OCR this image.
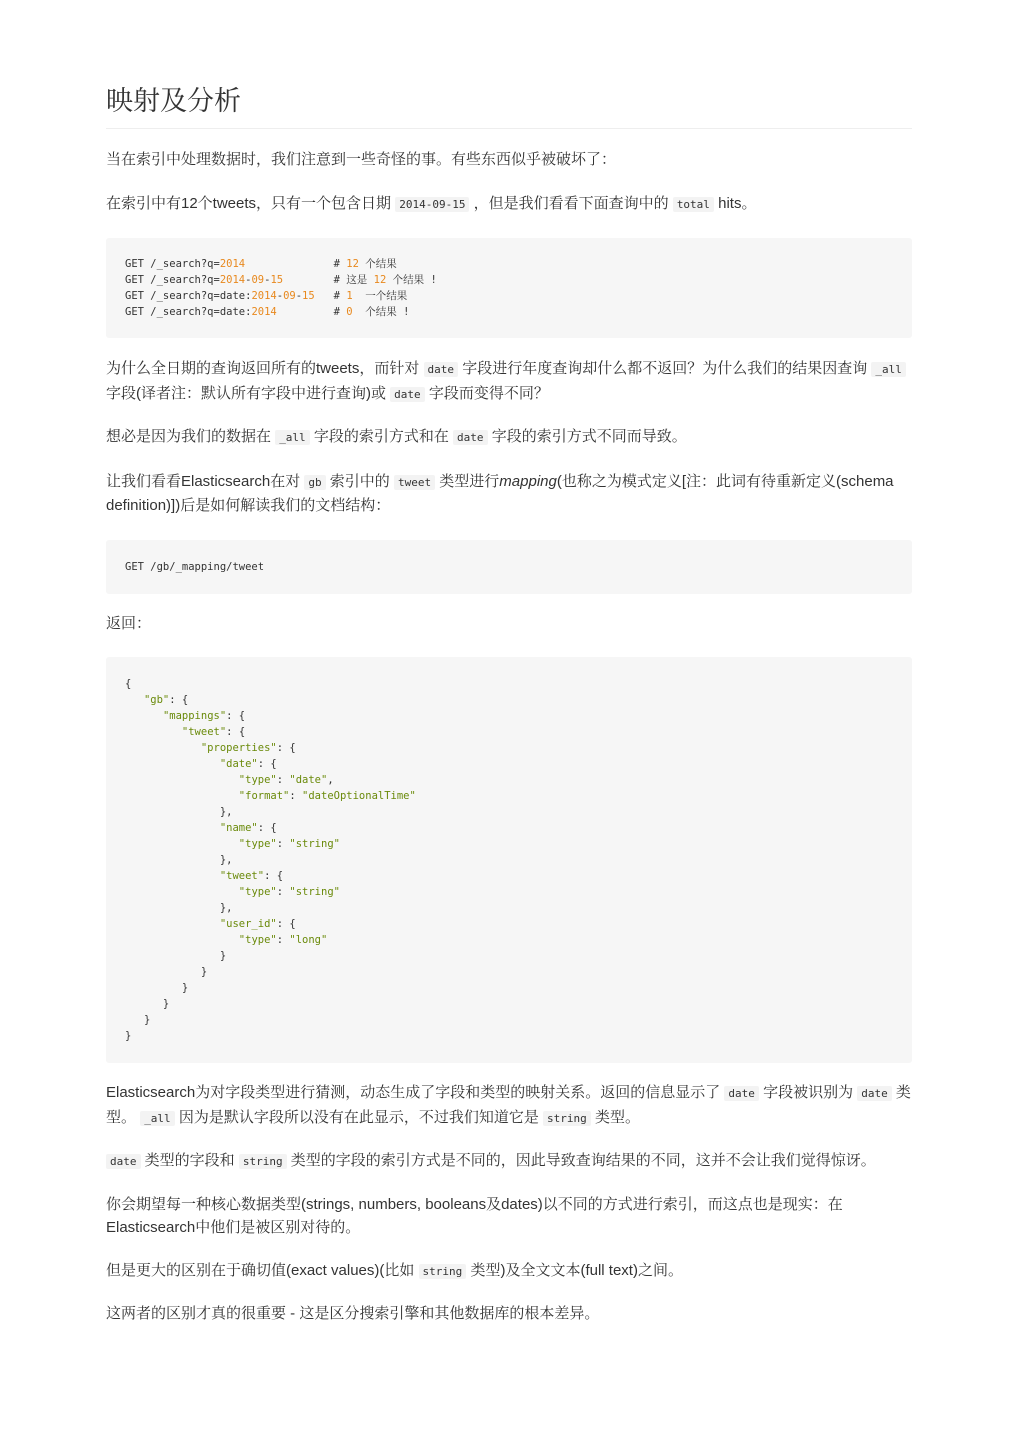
映射及分析

当在索引中处理数据时，我们注意到一些奇怪的事。有些东西似乎被破坏了：

在索引中有12个tweets，只有一个包含日期 2014-09-15 ，但是我们看看下面查询中的 total hits。

GET /_search?q=2014              # 12 个结果
GET /_search?q=2014-09-15        # 这是 12 个结果 !
GET /_search?q=date:2014-09-15   # 1  一个结果
GET /_search?q=date:2014         # 0  个结果 !

为什么全日期的查询返回所有的tweets，而针对 date 字段进行年度查询却什么都不返回？为什么我们的结果因查询 _all 字段(译者注：默认所有字段中进行查询)或 date 字段而变得不同？

想必是因为我们的数据在 _all 字段的索引方式和在 date 字段的索引方式不同而导致。

让我们看看Elasticsearch在对 gb 索引中的 tweet 类型进行mapping(也称之为模式定义[注：此词有待重新定义(schema definition)])后是如何解读我们的文档结构：

GET /gb/_mapping/tweet

返回：

{
"gb": {
"mappings": {
"tweet": {
"properties": {
"date": {
"type": "date",
"format": "dateOptionalTime"
},
"name": {
"type": "string"
},
"tweet": {
"type": "string"
},
"user_id": {
"type": "long"
}
}
}
}
}
}

Elasticsearch为对字段类型进行猜测，动态生成了字段和类型的映射关系。返回的信息显示了 date 字段被识别为 date 类型。 _all 因为是默认字段所以没有在此显示，不过我们知道它是 string 类型。

date 类型的字段和 string 类型的字段的索引方式是不同的，因此导致查询结果的不同，这并不会让我们觉得惊讶。

你会期望每一种核心数据类型(strings, numbers, booleans及dates)以不同的方式进行索引，而这点也是现实：在Elasticsearch中他们是被区别对待的。

但是更大的区别在于确切值(exact values)(比如 string 类型)及全文文本(full text)之间。

这两者的区别才真的很重要 - 这是区分搜索引擎和其他数据库的根本差异。
